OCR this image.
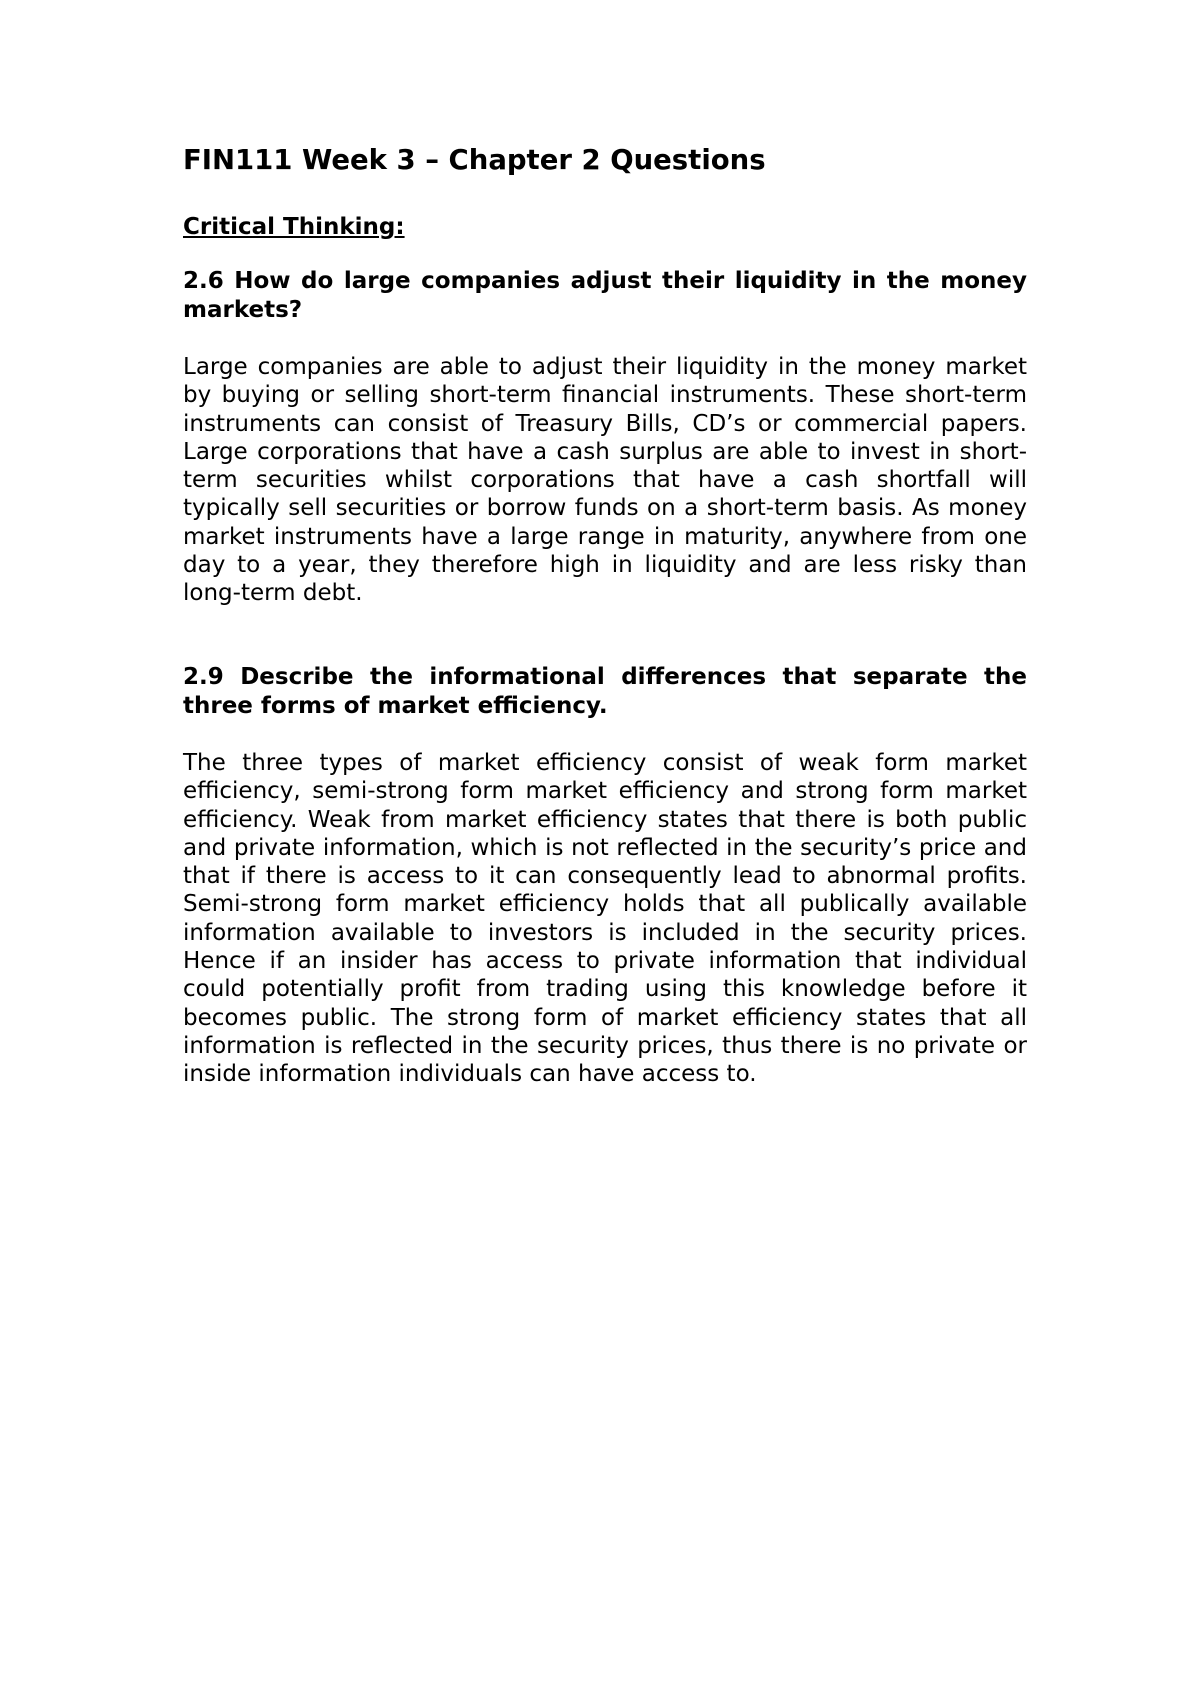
FIN111 Week 3 – Chapter 2 Questions
Critical Thinking:

2.6 How do large companies adjust their liquidity in the money markets?

Large companies are able to adjust their liquidity in the money market by buying or selling short-term financial instruments. These short-term instruments can consist of Treasury Bills, CD’s or commercial papers. Large corporations that have a cash surplus are able to invest in short-term securities whilst corporations that have a cash shortfall will typically sell securities or borrow funds on a short-term basis. As money market instruments have a large range in maturity, anywhere from one day to a year, they therefore high in liquidity and are less risky than long-term debt.

2.9 Describe the informational differences that separate the three forms of market efficiency.

The three types of market efficiency consist of weak form market efficiency, semi-strong form market efficiency and strong form market efficiency. Weak from market efficiency states that there is both public and private information, which is not reflected in the security’s price and that if there is access to it can consequently lead to abnormal profits. Semi-strong form market efficiency holds that all publically available information available to investors is included in the security prices. Hence if an insider has access to private information that individual could potentially profit from trading using this knowledge before it becomes public. The strong form of market efficiency states that all information is reflected in the security prices, thus there is no private or inside information individuals can have access to.
